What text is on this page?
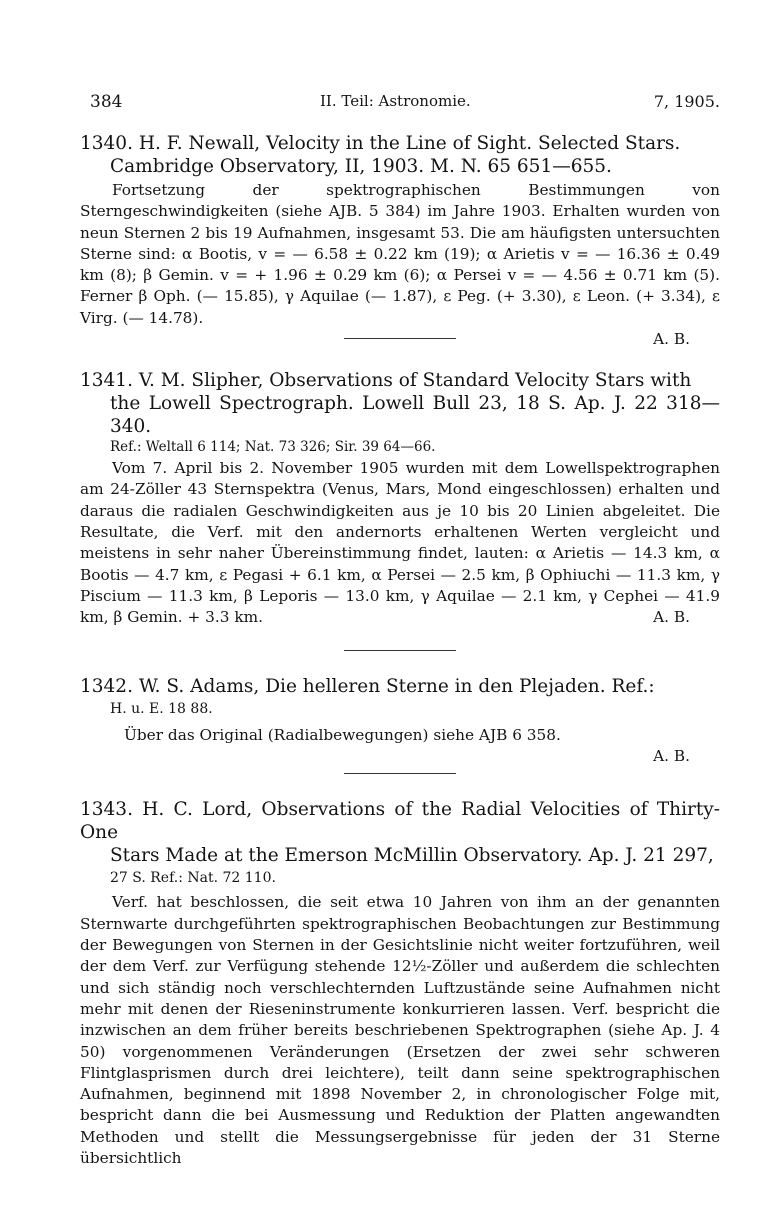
384	II. Teil: Astronomie.	7, 1905.
1340. H. F. Newall, Velocity in the Line of Sight. Selected Stars.
Cambridge Observatory, II, 1903. M. N. 65 651—655.

Fortsetzung der spektrographischen Bestimmungen von Sterngeschwindigkeiten (siehe AJB. 5 384) im Jahre 1903. Erhalten wurden von neun Sternen 2 bis 19 Aufnahmen, insgesamt 53. Die am häufigsten untersuchten Sterne sind: α Bootis, v = — 6.58 ± 0.22 km (19); α Arietis v = — 16.36 ± 0.49 km (8); β Gemin. v = + 1.96 ± 0.29 km (6); α Persei v = — 4.56 ± 0.71 km (5). Ferner β Oph. (— 15.85), γ Aquilae (— 1.87), ε Peg. (+ 3.30), ε Leon. (+ 3.34), ε Virg. (— 14.78).

A. B.
1341. V. M. Slipher, Observations of Standard Velocity Stars with
the Lowell Spectrograph. Lowell Bull 23, 18 S. Ap. J. 22 318—340.
Ref.: Weltall 6 114; Nat. 73 326; Sir. 39 64—66.

Vom 7. April bis 2. November 1905 wurden mit dem Lowellspektrographen am 24-Zöller 43 Sternspektra (Venus, Mars, Mond eingeschlossen) erhalten und daraus die radialen Geschwindigkeiten aus je 10 bis 20 Linien abgeleitet. Die Resultate, die Verf. mit den andernorts erhaltenen Werten vergleicht und meistens in sehr naher Übereinstimmung findet, lauten: α Arietis — 14.3 km, α Bootis — 4.7 km, ε Pegasi + 6.1 km, α Persei — 2.5 km, β Ophiuchi — 11.3 km, γ Piscium — 11.3 km, β Leporis — 13.0 km, γ Aquilae — 2.1 km, γ Cephei — 41.9 km, β Gemin. + 3.3 km.	A. B.
1342. W. S. Adams, Die helleren Sterne in den Plejaden. Ref.:
H. u. E. 18 88.
Über das Original (Radialbewegungen) siehe AJB 6 358.
A. B.
1343. H. C. Lord, Observations of the Radial Velocities of Thirty-One
Stars Made at the Emerson McMillin Observatory. Ap. J. 21 297,
27 S. Ref.: Nat. 72 110.

Verf. hat beschlossen, die seit etwa 10 Jahren von ihm an der genannten Sternwarte durchgeführten spektrographischen Beobachtungen zur Bestimmung der Bewegungen von Sternen in der Gesichtslinie nicht weiter fortzuführen, weil der dem Verf. zur Verfügung stehende 12½-Zöller und außerdem die schlechten und sich ständig noch verschlechternden Luftzustände seine Aufnahmen nicht mehr mit denen der Rieseninstrumente konkurrieren lassen. Verf. bespricht die inzwischen an dem früher bereits beschriebenen Spektrographen (siehe Ap. J. 4 50) vorgenommenen Veränderungen (Ersetzen der zwei sehr schweren Flintglasprismen durch drei leichtere), teilt dann seine spektrographischen Aufnahmen, beginnend mit 1898 November 2, in chronologischer Folge mit, bespricht dann die bei Ausmessung und Reduktion der Platten angewandten Methoden und stellt die Messungsergebnisse für jeden der 31 Sterne übersichtlich
